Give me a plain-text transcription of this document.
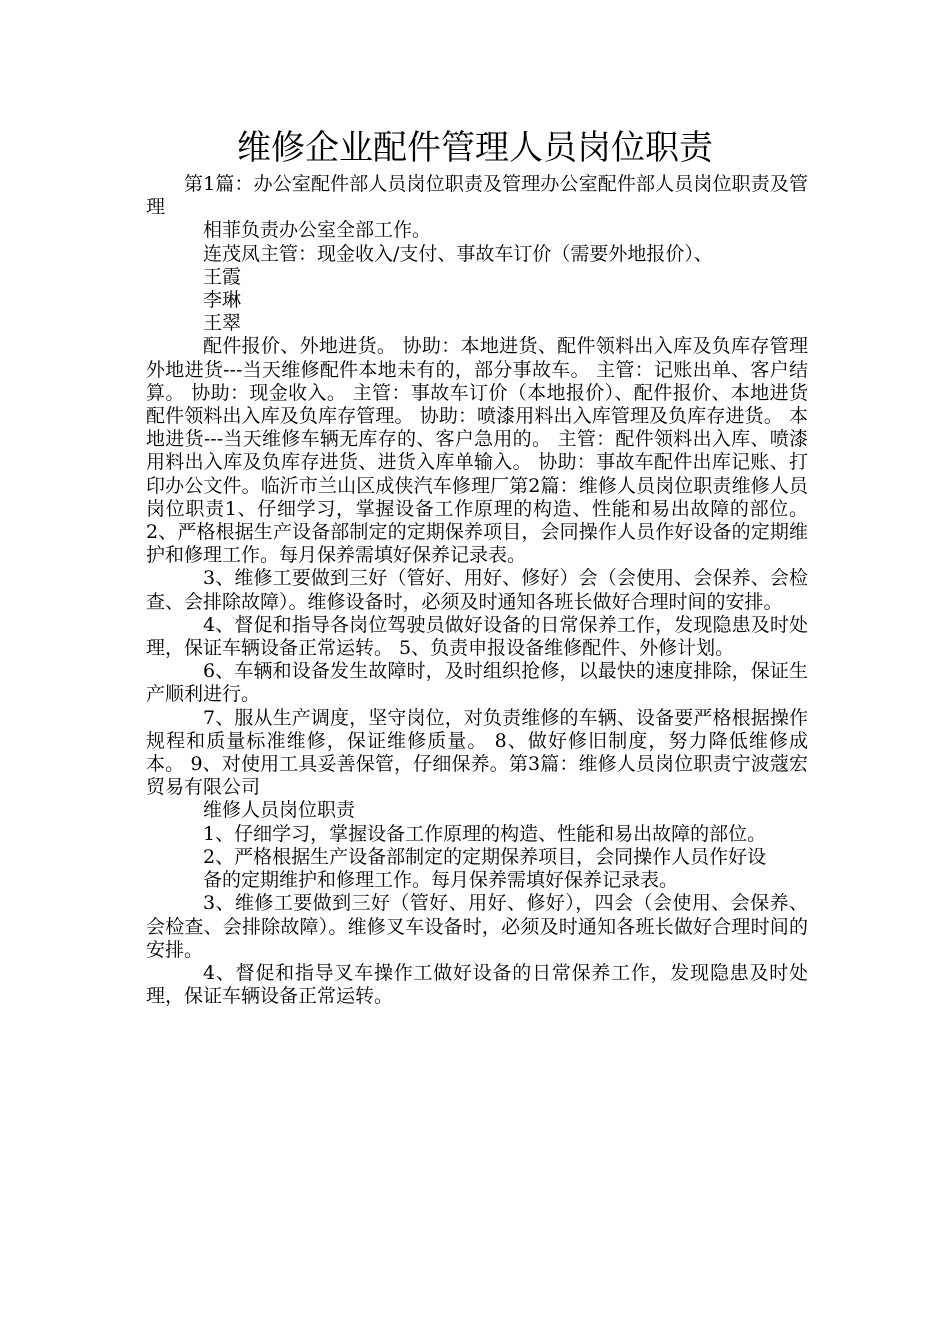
维修企业配件管理人员岗位职责

第1篇：办公室配件部人员岗位职责及管理办公室配件部人员岗位职责及管理

相菲负责办公室全部工作。

连茂凤主管：现金收入/支付、事故车订价（需要外地报价）、

王霞

李琳

王翠

配件报价、外地进货。 协助：本地进货、配件领料出入库及负库存管理 外地进货---当天维修配件本地未有的，部分事故车。 主管：记账出单、客户结算。 协助：现金收入。 主管：事故车订价（本地报价）、配件报价、本地进货 配件领料出入库及负库存管理。 协助：喷漆用料出入库管理及负库存进货。 本地进货---当天维修车辆无库存的、客户急用的。 主管：配件领料出入库、喷漆用料出入库及负库存进货、进货入库单输入。 协助：事故车配件出库记账、打印办公文件。临沂市兰山区成侠汽车修理厂第2篇：维修人员岗位职责维修人员岗位职责1、仔细学习，掌握设备工作原理的构造、性能和易出故障的部位。 2、严格根据生产设备部制定的定期保养项目，会同操作人员作好设备的定期维护和修理工作。每月保养需填好保养记录表。

3、维修工要做到三好（管好、用好、修好）会（会使用、会保养、会检查、会排除故障）。维修设备时，必须及时通知各班长做好合理时间的安排。

4、督促和指导各岗位驾驶员做好设备的日常保养工作，发现隐患及时处理，保证车辆设备正常运转。 5、负责申报设备维修配件、外修计划。

6、车辆和设备发生故障时，及时组织抢修，以最快的速度排除，保证生产顺利进行。

7、服从生产调度，坚守岗位，对负责维修的车辆、设备要严格根据操作规程和质量标准维修，保证维修质量。 8、做好修旧制度，努力降低维修成本。 9、对使用工具妥善保管，仔细保养。第3篇：维修人员岗位职责宁波蔻宏贸易有限公司

维修人员岗位职责

1、仔细学习，掌握设备工作原理的构造、性能和易出故障的部位。

2、严格根据生产设备部制定的定期保养项目，会同操作人员作好设

备的定期维护和修理工作。每月保养需填好保养记录表。

3、维修工要做到三好（管好、用好、修好），四会（会使用、会保养、会检查、会排除故障）。维修叉车设备时，必须及时通知各班长做好合理时间的安排。

4、督促和指导叉车操作工做好设备的日常保养工作，发现隐患及时处理，保证车辆设备正常运转。
